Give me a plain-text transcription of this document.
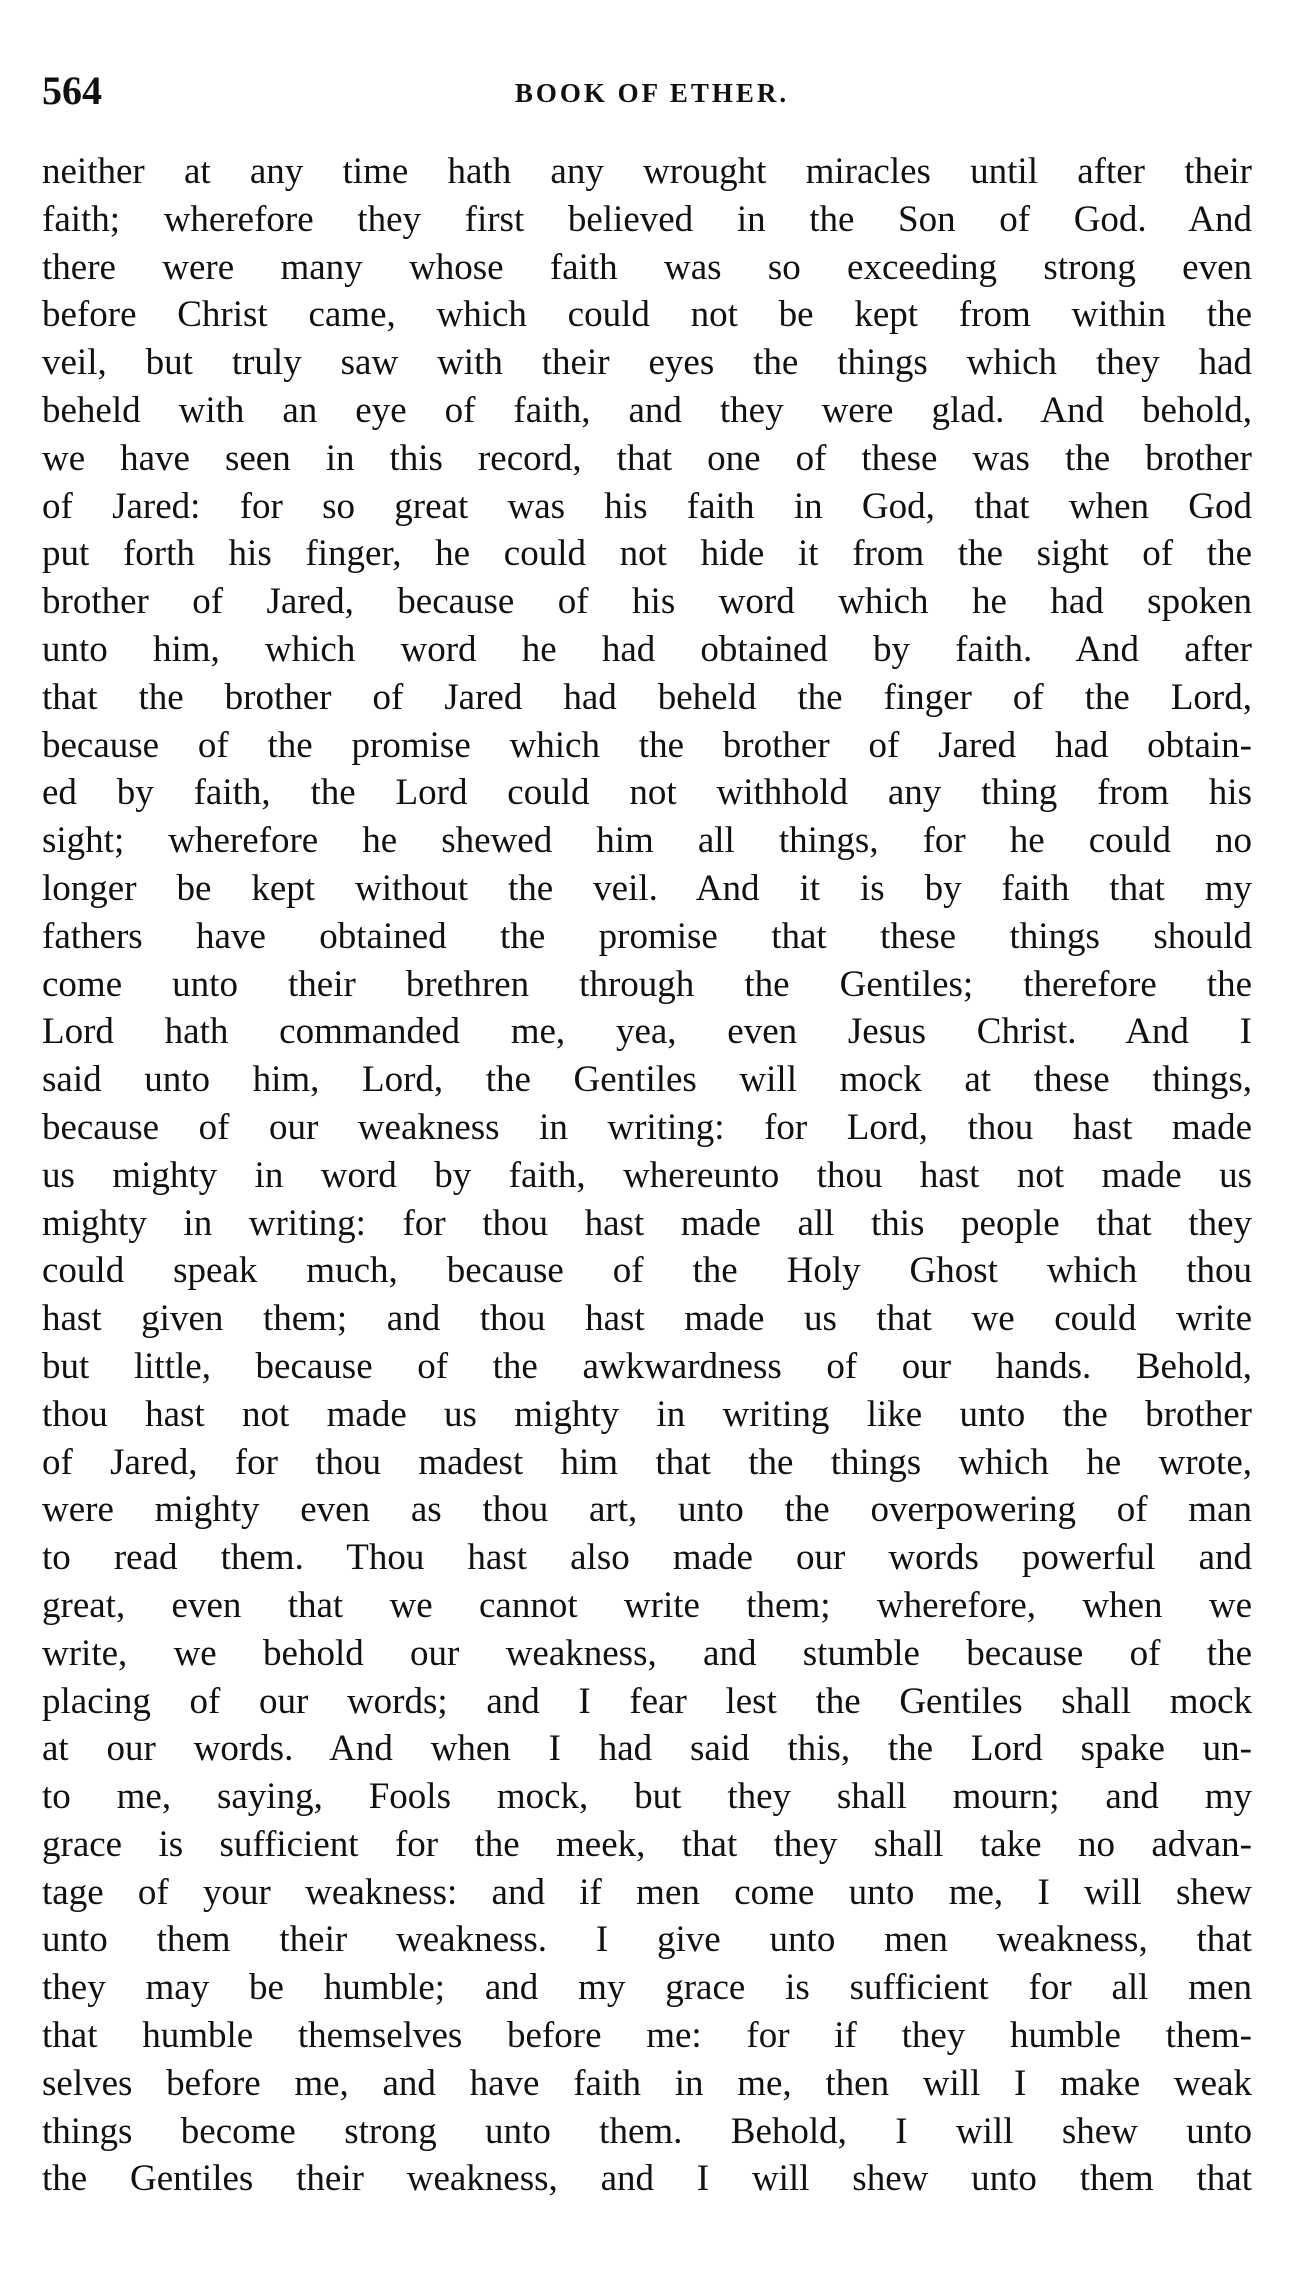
564	BOOK OF ETHER.
neither at any time hath any wrought miracles until after their
faith; wherefore they first believed in the Son of God. And
there were many whose faith was so exceeding strong even
before Christ came, which could not be kept from within the
veil, but truly saw with their eyes the things which they had
beheld with an eye of faith, and they were glad. And behold,
we have seen in this record, that one of these was the brother
of Jared: for so great was his faith in God, that when God
put forth his finger, he could not hide it from the sight of the
brother of Jared, because of his word which he had spoken
unto him, which word he had obtained by faith. And after
that the brother of Jared had beheld the finger of the Lord,
because of the promise which the brother of Jared had obtain-
ed by faith, the Lord could not withhold any thing from his
sight; wherefore he shewed him all things, for he could no
longer be kept without the veil. And it is by faith that my
fathers have obtained the promise that these things should
come unto their brethren through the Gentiles; therefore the
Lord hath commanded me, yea, even Jesus Christ. And I
said unto him, Lord, the Gentiles will mock at these things,
because of our weakness in writing: for Lord, thou hast made
us mighty in word by faith, whereunto thou hast not made us
mighty in writing: for thou hast made all this people that they
could speak much, because of the Holy Ghost which thou
hast given them; and thou hast made us that we could write
but little, because of the awkwardness of our hands. Behold,
thou hast not made us mighty in writing like unto the brother
of Jared, for thou madest him that the things which he wrote,
were mighty even as thou art, unto the overpowering of man
to read them. Thou hast also made our words powerful and
great, even that we cannot write them; wherefore, when we
write, we behold our weakness, and stumble because of the
placing of our words; and I fear lest the Gentiles shall mock
at our words. And when I had said this, the Lord spake un-
to me, saying, Fools mock, but they shall mourn; and my
grace is sufficient for the meek, that they shall take no advan-
tage of your weakness: and if men come unto me, I will shew
unto them their weakness. I give unto men weakness, that
they may be humble; and my grace is sufficient for all men
that humble themselves before me: for if they humble them-
selves before me, and have faith in me, then will I make weak
things become strong unto them. Behold, I will shew unto
the Gentiles their weakness, and I will shew unto them that
